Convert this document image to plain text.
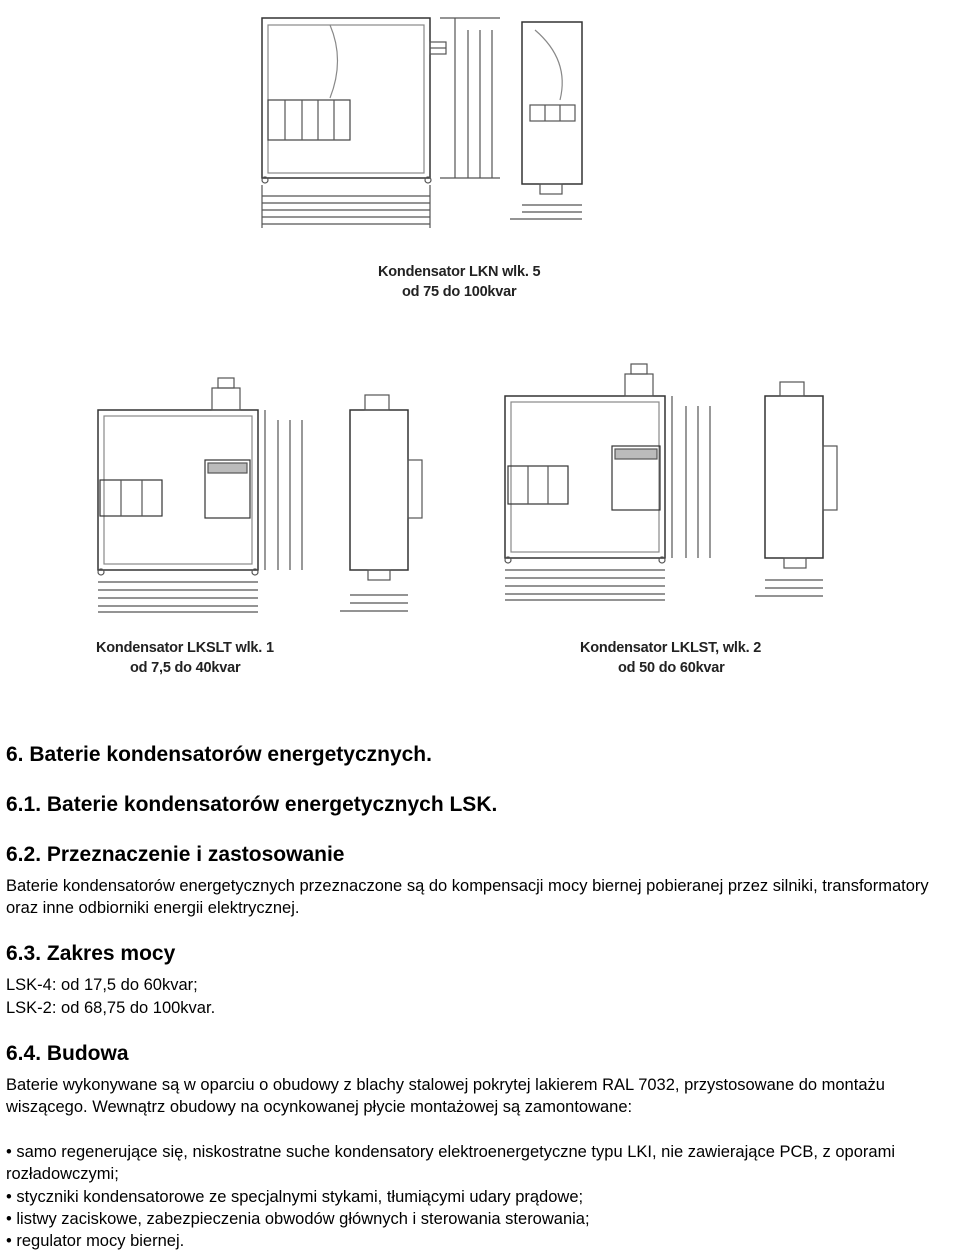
Kondensator LKN wlk. 5
od 75 do 100kvar
Kondensator LKSLT wlk. 1
od 7,5 do 40kvar
Kondensator LKLST, wlk. 2
od 50 do 60kvar
6. Baterie kondensatorów energetycznych.
6.1. Baterie kondensatorów energetycznych LSK.
6.2. Przeznaczenie i zastosowanie
Baterie kondensatorów energetycznych przeznaczone są do kompensacji mocy biernej pobieranej przez silniki, transformatory oraz inne odbiorniki energii elektrycznej.
6.3. Zakres mocy
LSK-4: od 17,5 do 60kvar;
LSK-2: od 68,75 do 100kvar.
6.4. Budowa
Baterie wykonywane są w oparciu o obudowy z blachy stalowej pokrytej lakierem RAL 7032, przystosowane do montażu wiszącego. Wewnątrz obudowy na ocynkowanej płycie montażowej są zamontowane:
• samo regenerujące się, niskostratne suche kondensatory elektroenergetyczne typu LKI, nie zawierające PCB, z oporami rozładowczymi;
• styczniki kondensatorowe ze specjalnymi stykami, tłumiącymi udary prądowe;
• listwy zaciskowe, zabezpieczenia obwodów głównych i sterowania sterowania;
• regulator mocy biernej.
